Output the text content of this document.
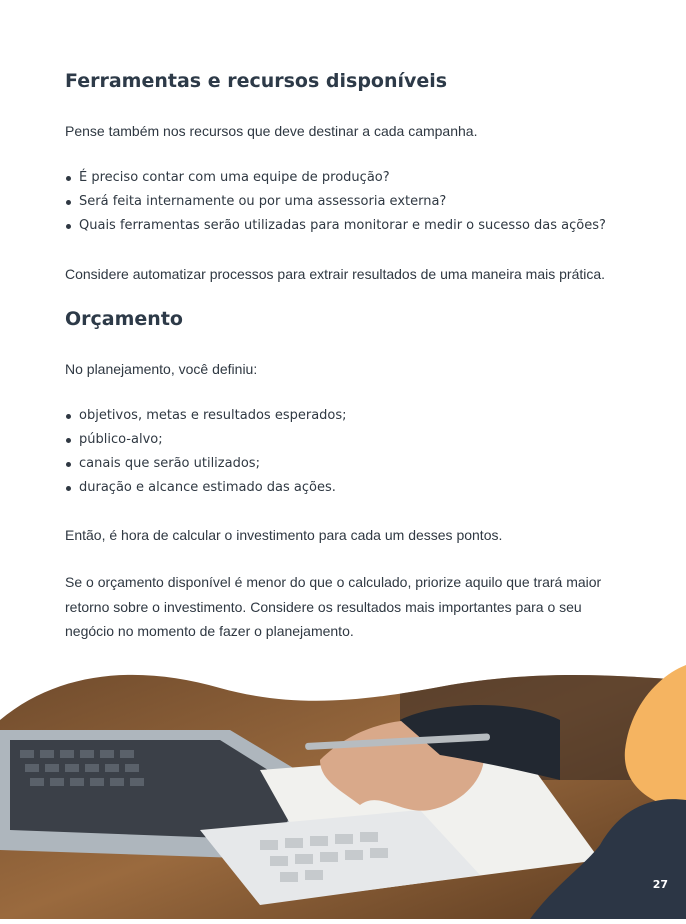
Ferramentas e recursos disponíveis

Pense também nos recursos que deve destinar a cada campanha.

É preciso contar com uma equipe de produção?
Será feita internamente ou por uma assessoria externa?
Quais ferramentas serão utilizadas para monitorar e medir o sucesso das ações?

Considere automatizar processos para extrair resultados de uma maneira mais prática.

Orçamento

No planejamento, você definiu:

objetivos, metas e resultados esperados;
público-alvo;
canais que serão utilizados;
duração e alcance estimado das ações.

Então, é hora de calcular o investimento para cada um desses pontos.

Se o orçamento disponível é menor do que o calculado, priorize aquilo que trará maior retorno sobre o investimento. Considere os resultados mais importantes para o seu negócio no momento de fazer o planejamento.

27
